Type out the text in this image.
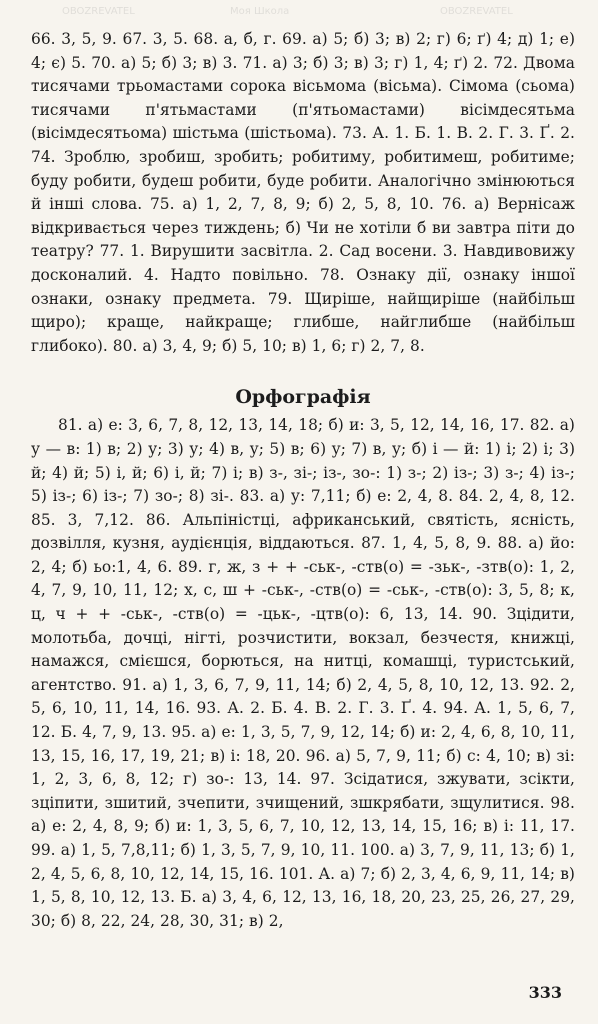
66. 3, 5, 9. 67. 3, 5. 68. а, б, г. 69. а) 5; б) 3; в) 2; г) 6; ґ) 4; д) 1; е) 4; є) 5. 70. а) 5; б) 3; в) 3. 71. а) 3; б) 3; в) 3; г) 1, 4; ґ) 2. 72. Двома тисячами трьомастами сорока вісьмома (вісьма). Сімома (сьома) тисячами п'ятьмастами (п'ятьомастами) вісімдесятьма (вісімдесятьома) шістьма (шістьома). 73. А. 1. Б. 1. В. 2. Г. 3. Ґ. 2. 74. Зроблю, зробиш, зробить; робитиму, робитимеш, робитиме; буду робити, будеш робити, буде робити. Аналогічно змінюються й інші слова. 75. а) 1, 2, 7, 8, 9; б) 2, 5, 8, 10. 76. а) Вернісаж відкривається через тиждень; б) Чи не хотіли б ви завтра піти до театру? 77. 1. Вирушити засвітла. 2. Сад восени. 3. Навдивовижу досконалий. 4. Надто повільно. 78. Ознаку дії, ознаку іншої ознаки, ознаку предмета. 79. Щиріше, найщиріше (найбільш щиро); краще, найкраще; глибше, найглибше (найбільш глибоко). 80. а) 3, 4, 9; б) 5, 10; в) 1, 6; г) 2, 7, 8.

Орфографія

81. а) е: 3, 6, 7, 8, 12, 13, 14, 18; б) и: 3, 5, 12, 14, 16, 17. 82. а) у — в: 1) в; 2) у; 3) у; 4) в, у; 5) в; 6) у; 7) в, у; б) і — й: 1) і; 2) і; 3) й; 4) й; 5) і, й; 6) і, й; 7) і; в) з-, зі-; із-, зо-: 1) з-; 2) із-; 3) з-; 4) із-; 5) із-; 6) із-; 7) зо-; 8) зі-. 83. а) у: 7,11; б) е: 2, 4, 8. 84. 2, 4, 8, 12. 85. 3, 7,12. 86. Альпіністці, африканський, святість, ясність, дозвілля, кузня, аудієнція, віддаються. 87. 1, 4, 5, 8, 9. 88. а) йо: 2, 4; б) ьо:1, 4, 6. 89. г, ж, з + + -ськ-, -ств(о) = -зьк-, -зтв(о): 1, 2, 4, 7, 9, 10, 11, 12; х, с, ш + -ськ-, -ств(о) = -ськ-, -ств(о): 3, 5, 8; к, ц, ч + + -ськ-, -ств(о) = -цьк-, -цтв(о): 6, 13, 14. 90. Зцідити, молотьба, дочці, нігті, розчистити, вокзал, безчестя, книжці, намажся, смієшся, борються, на нитці, комашці, туристський, агентство. 91. а) 1, 3, 6, 7, 9, 11, 14; б) 2, 4, 5, 8, 10, 12, 13. 92. 2, 5, 6, 10, 11, 14, 16. 93. А. 2. Б. 4. В. 2. Г. 3. Ґ. 4. 94. А. 1, 5, 6, 7, 12. Б. 4, 7, 9, 13. 95. а) е: 1, 3, 5, 7, 9, 12, 14; б) и: 2, 4, 6, 8, 10, 11, 13, 15, 16, 17, 19, 21; в) і: 18, 20. 96. а) 5, 7, 9, 11; б) с: 4, 10; в) зі: 1, 2, 3, 6, 8, 12; г) зо-: 13, 14. 97. Зсідатися, зжувати, зсікти, зціпити, зшитий, зчепити, зчищений, зшкрябати, зщулитися. 98. а) е: 2, 4, 8, 9; б) и: 1, 3, 5, 6, 7, 10, 12, 13, 14, 15, 16; в) і: 11, 17. 99. а) 1, 5, 7,8,11; б) 1, 3, 5, 7, 9, 10, 11. 100. а) 3, 7, 9, 11, 13; б) 1, 2, 4, 5, 6, 8, 10, 12, 14, 15, 16. 101. А. а) 7; б) 2, 3, 4, 6, 9, 11, 14; в) 1, 5, 8, 10, 12, 13. Б. а) 3, 4, 6, 12, 13, 16, 18, 20, 23, 25, 26, 27, 29, 30; б) 8, 22, 24, 28, 30, 31; в) 2,

333
OBOZREVATEL	Моя Школа	OBOZREVATEL
